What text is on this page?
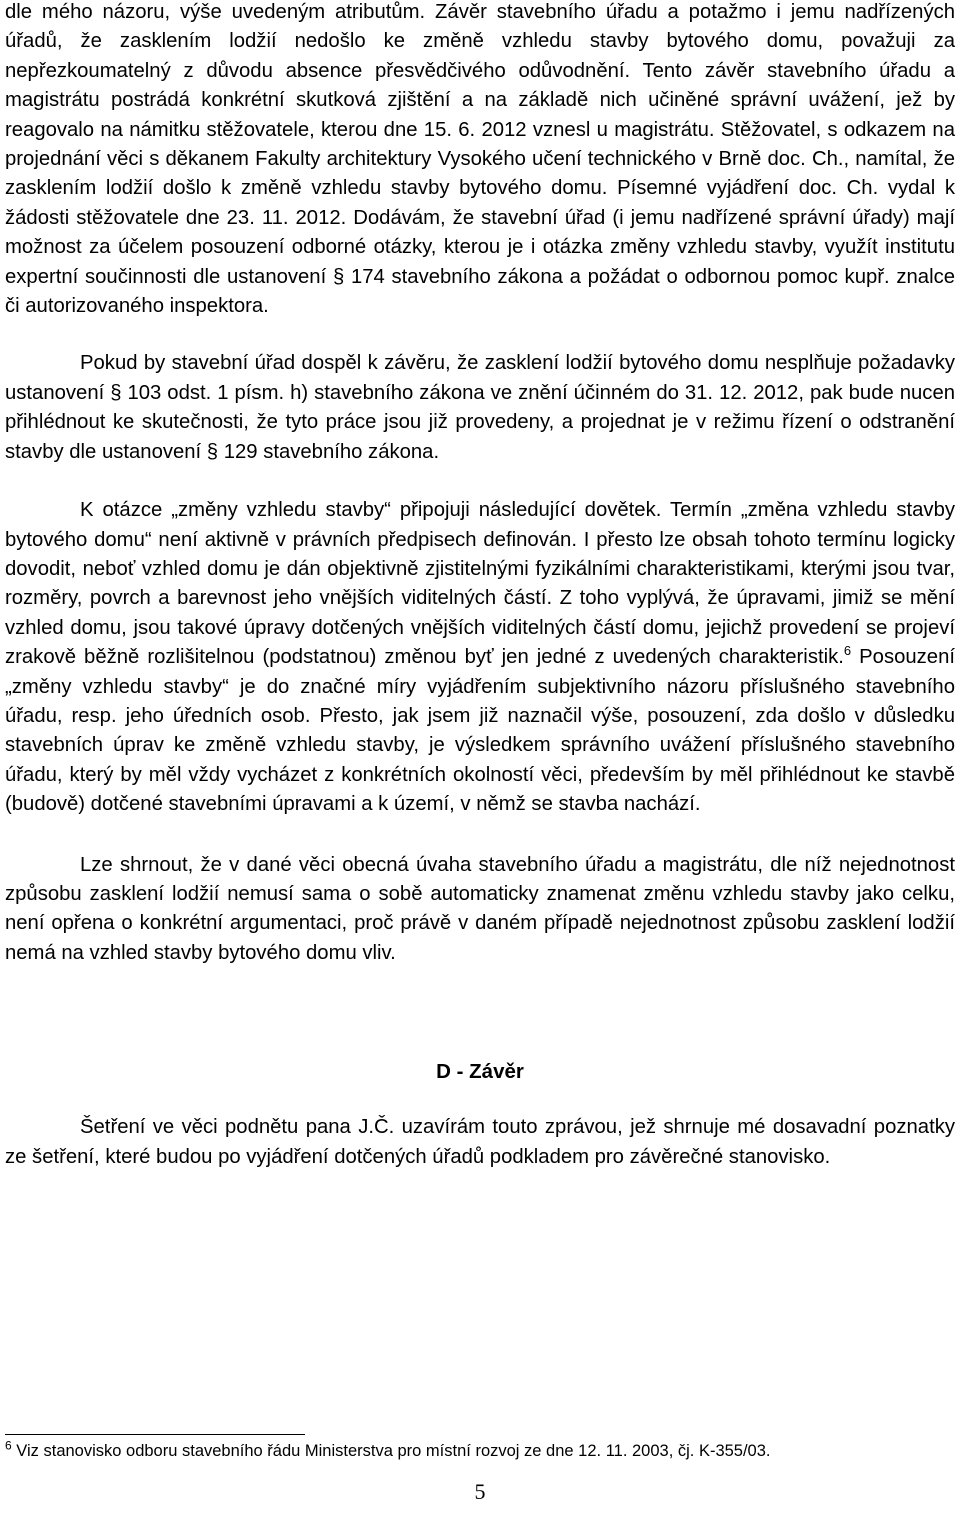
dle mého názoru, výše uvedeným atributům. Závěr stavebního úřadu a potažmo i jemu nadřízených úřadů, že zasklením lodžií nedošlo ke změně vzhledu stavby bytového domu, považuji za nepřezkoumatelný z důvodu absence přesvědčivého odůvodnění. Tento závěr stavebního úřadu a magistrátu postrádá konkrétní skutková zjištění a na základě nich učiněné správní uvážení, jež by reagovalo na námitku stěžovatele, kterou dne 15. 6. 2012 vznesl u magistrátu. Stěžovatel, s odkazem na projednání věci s děkanem Fakulty architektury Vysokého učení technického v Brně doc. Ch., namítal, že zasklením lodžií došlo k změně vzhledu stavby bytového domu. Písemné vyjádření doc. Ch. vydal k žádosti stěžovatele dne 23. 11. 2012. Dodávám, že stavební úřad (i jemu nadřízené správní úřady) mají možnost za účelem posouzení odborné otázky, kterou je i otázka změny vzhledu stavby, využít institutu expertní součinnosti dle ustanovení § 174 stavebního zákona a požádat o odbornou pomoc kupř. znalce či autorizovaného inspektora.

Pokud by stavební úřad dospěl k závěru, že zasklení lodžií bytového domu nesplňuje požadavky ustanovení § 103 odst. 1 písm. h) stavebního zákona ve znění účinném do 31. 12. 2012, pak bude nucen přihlédnout ke skutečnosti, že tyto práce jsou již provedeny, a projednat je v režimu řízení o odstranění stavby dle ustanovení § 129 stavebního zákona.

K otázce „změny vzhledu stavby“ připojuji následující dovětek. Termín „změna vzhledu stavby bytového domu“ není aktivně v právních předpisech definován. I přesto lze obsah tohoto termínu logicky dovodit, neboť vzhled domu je dán objektivně zjistitelnými fyzikálními charakteristikami, kterými jsou tvar, rozměry, povrch a barevnost jeho vnějších viditelných částí. Z toho vyplývá, že úpravami, jimiž se mění vzhled domu, jsou takové úpravy dotčených vnějších viditelných částí domu, jejichž provedení se projeví zrakově běžně rozlišitelnou (podstatnou) změnou byť jen jedné z uvedených charakteristik.$^6$ Posouzení „změny vzhledu stavby“ je do značné míry vyjádřením subjektivního názoru příslušného stavebního úřadu, resp. jeho úředních osob. Přesto, jak jsem již naznačil výše, posouzení, zda došlo v důsledku stavebních úprav ke změně vzhledu stavby, je výsledkem správního uvážení příslušného stavebního úřadu, který by měl vždy vycházet z konkrétních okolností věci, především by měl přihlédnout ke stavbě (budově) dotčené stavebními úpravami a k území, v němž se stavba nachází.

Lze shrnout, že v dané věci obecná úvaha stavebního úřadu a magistrátu, dle níž nejednotnost způsobu zasklení lodžií nemusí sama o sobě automaticky znamenat změnu vzhledu stavby jako celku, není opřena o konkrétní argumentaci, proč právě v daném případě nejednotnost způsobu zasklení lodžií nemá na vzhled stavby bytového domu vliv.

D - Závěr

Šetření ve věci podnětu pana J.Č. uzavírám touto zprávou, jež shrnuje mé dosavadní poznatky ze šetření, které budou po vyjádření dotčených úřadů podkladem pro závěrečné stanovisko.

$^6$ Viz stanovisko odboru stavebního řádu Ministerstva pro místní rozvoj ze dne 12. 11. 2003, čj. K-355/03.

5
